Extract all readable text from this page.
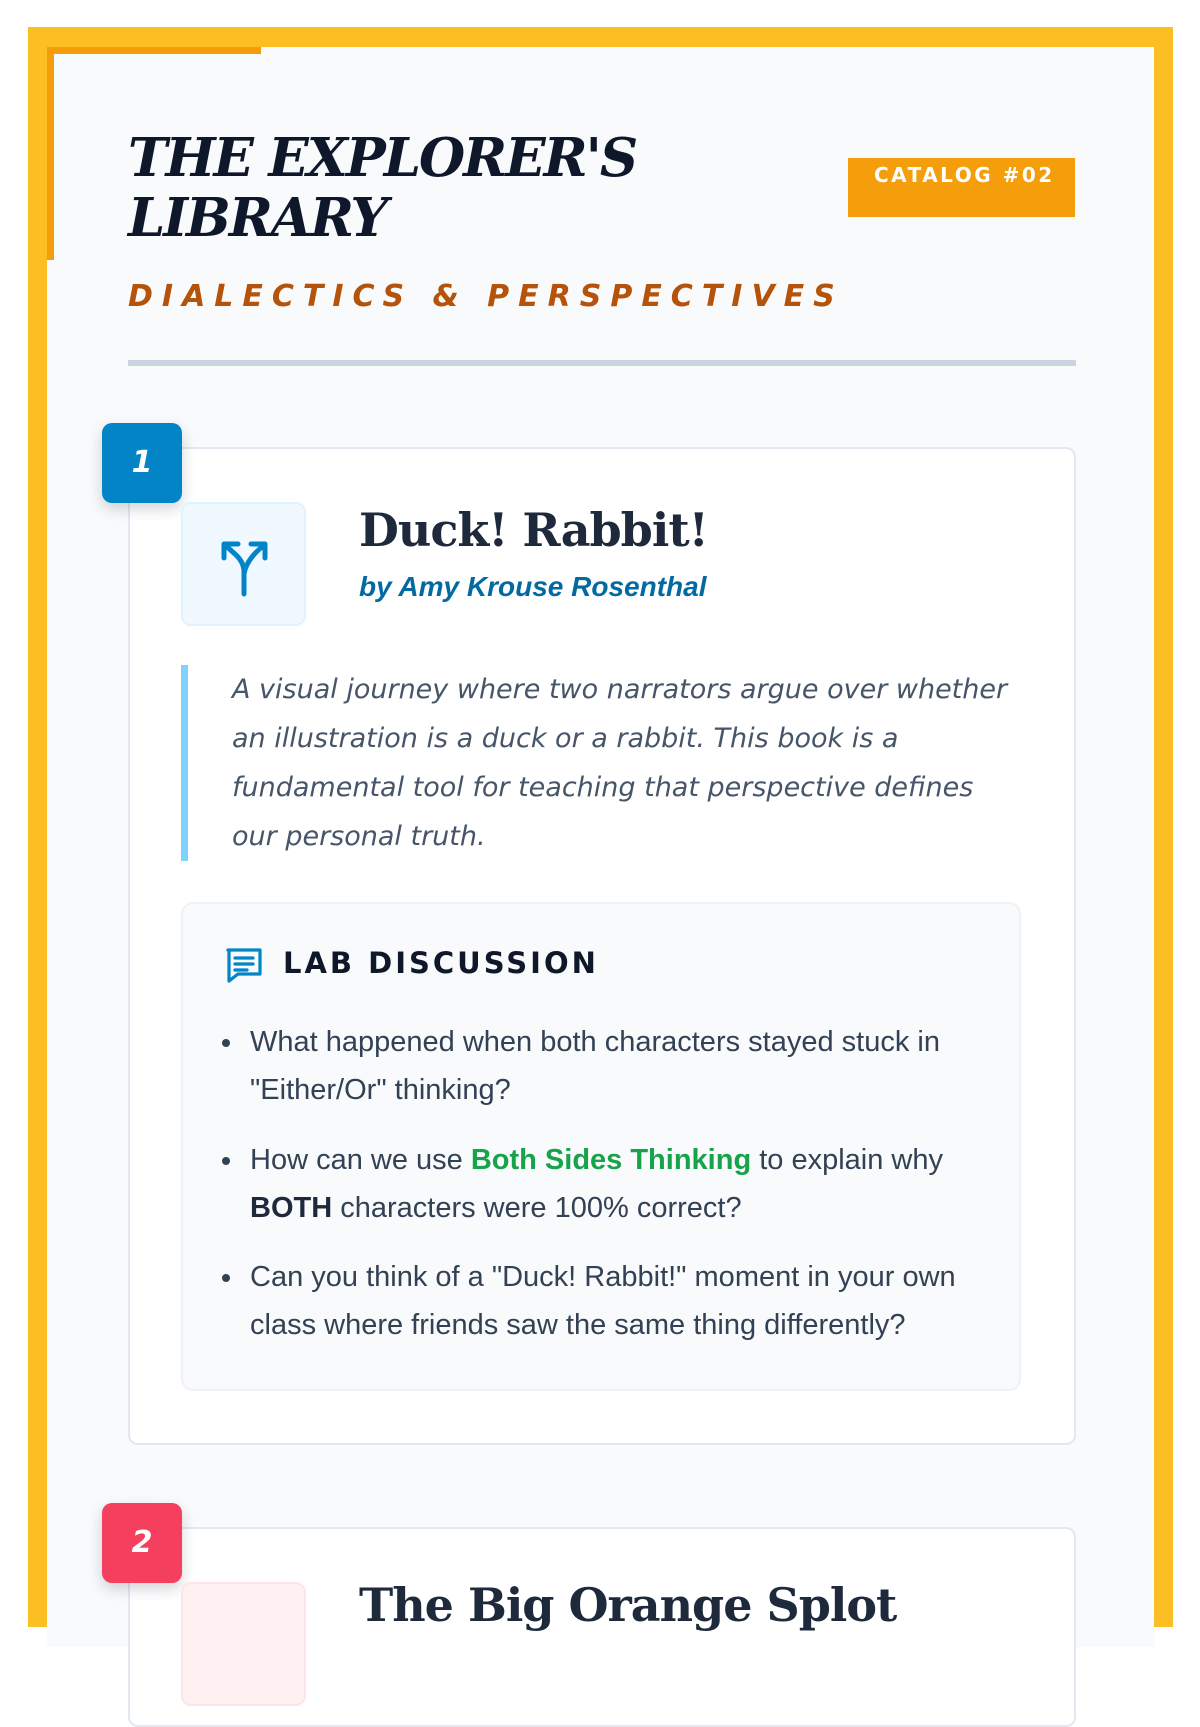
THE EXPLORER'S LIBRARY
CATALOG #02
DIALECTICS & PERSPECTIVES
1
Duck! Rabbit!
by Amy Krouse Rosenthal
A visual journey where two narrators argue over whether an illustration is a duck or a rabbit. This book is a fundamental tool for teaching that perspective defines our personal truth.
LAB DISCUSSION
What happened when both characters stayed stuck in "Either/Or" thinking?
How can we use Both Sides Thinking to explain why
BOTH characters were 100% correct?
Can you think of a "Duck! Rabbit!" moment in your own class where friends saw the same thing differently?
2
The Big Orange Splot
